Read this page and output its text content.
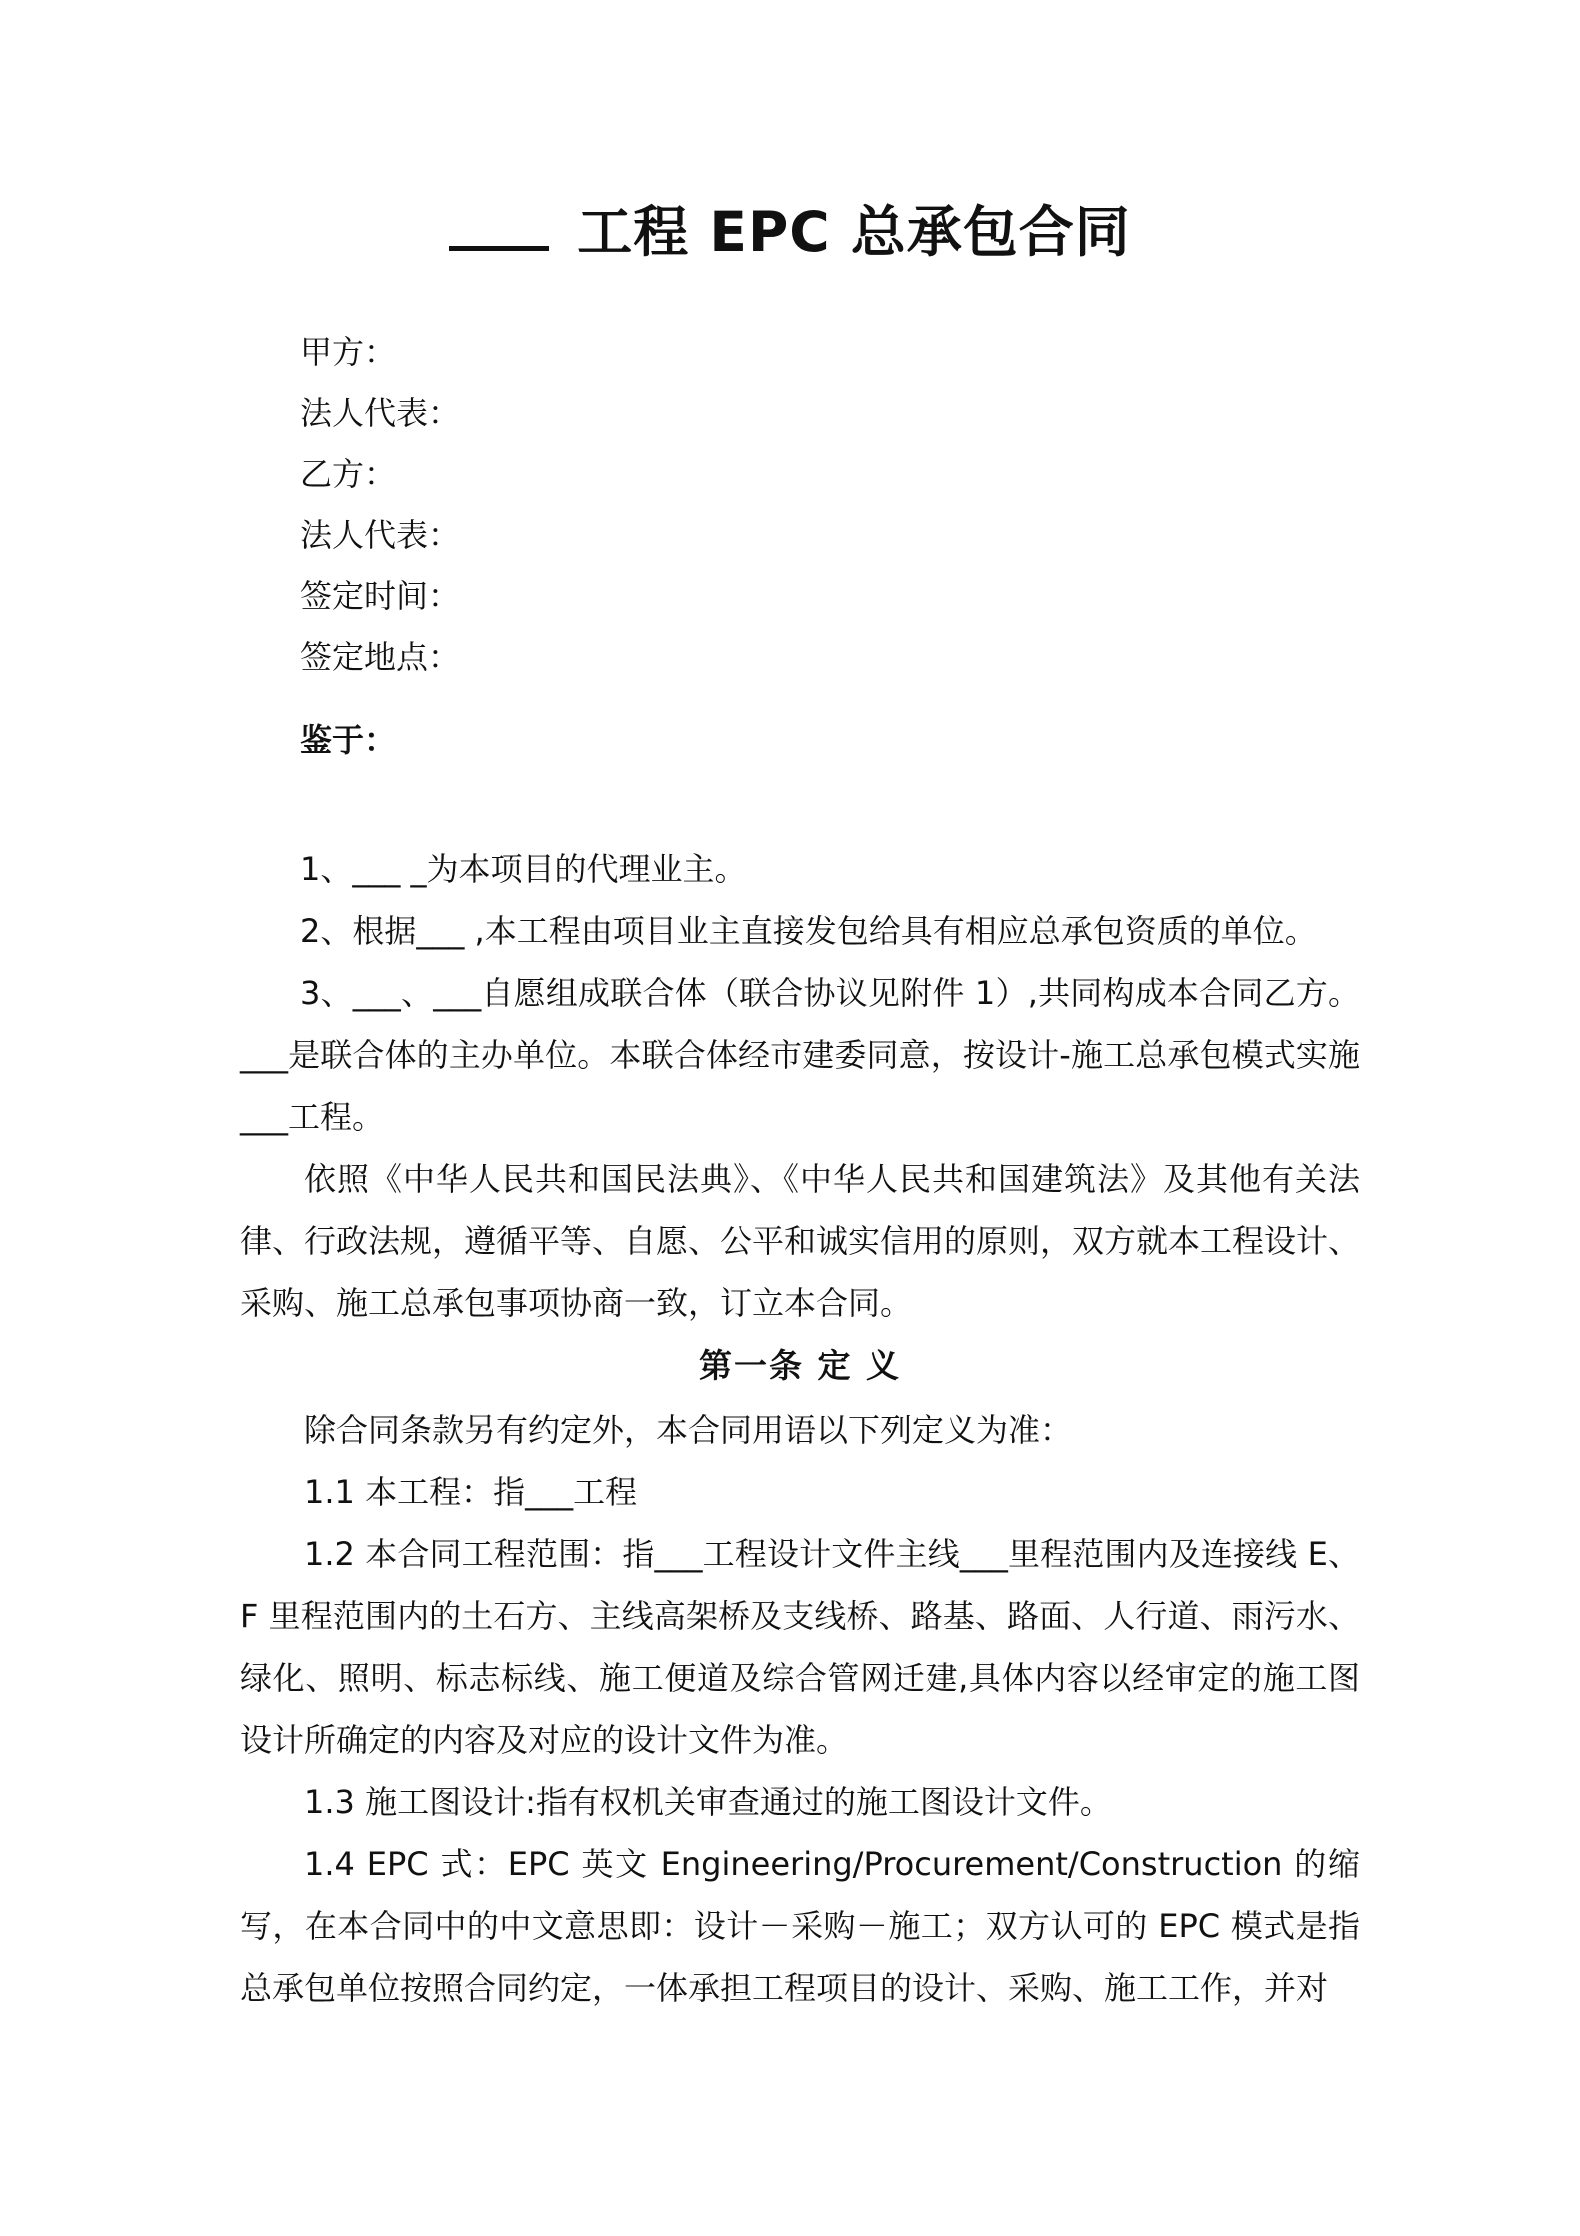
工程 EPC 总承包合同
甲方：
法人代表：
乙方：
法人代表：
签定时间：
签定地点：
鉴于：

1、___ _为本项目的代理业主。

2、根据___ ,本工程由项目业主直接发包给具有相应总承包资质的单位。

3、___、___自愿组成联合体（联合协议见附件 1）,共同构成本合同乙方。___是联合体的主办单位。本联合体经市建委同意，按设计-施工总承包模式实施___工程。

依照《中华人民共和国民法典》、《中华人民共和国建筑法》及其他有关法律、行政法规，遵循平等、自愿、公平和诚实信用的原则，双方就本工程设计、采购、施工总承包事项协商一致，订立本合同。

第一条 定 义

除合同条款另有约定外，本合同用语以下列定义为准：

1.1 本工程：指___工程

1.2 本合同工程范围：指___工程设计文件主线___里程范围内及连接线 E、F 里程范围内的土石方、主线高架桥及支线桥、路基、路面、人行道、雨污水、绿化、照明、标志标线、施工便道及综合管网迁建,具体内容以经审定的施工图设计所确定的内容及对应的设计文件为准。

1.3 施工图设计:指有权机关审查通过的施工图设计文件。

1.4 EPC 式：EPC 英文 Engineering/Procurement/Construction 的缩写，在本合同中的中文意思即：设计－采购－施工；双方认可的 EPC 模式是指总承包单位按照合同约定，一体承担工程项目的设计、采购、施工工作，并对
